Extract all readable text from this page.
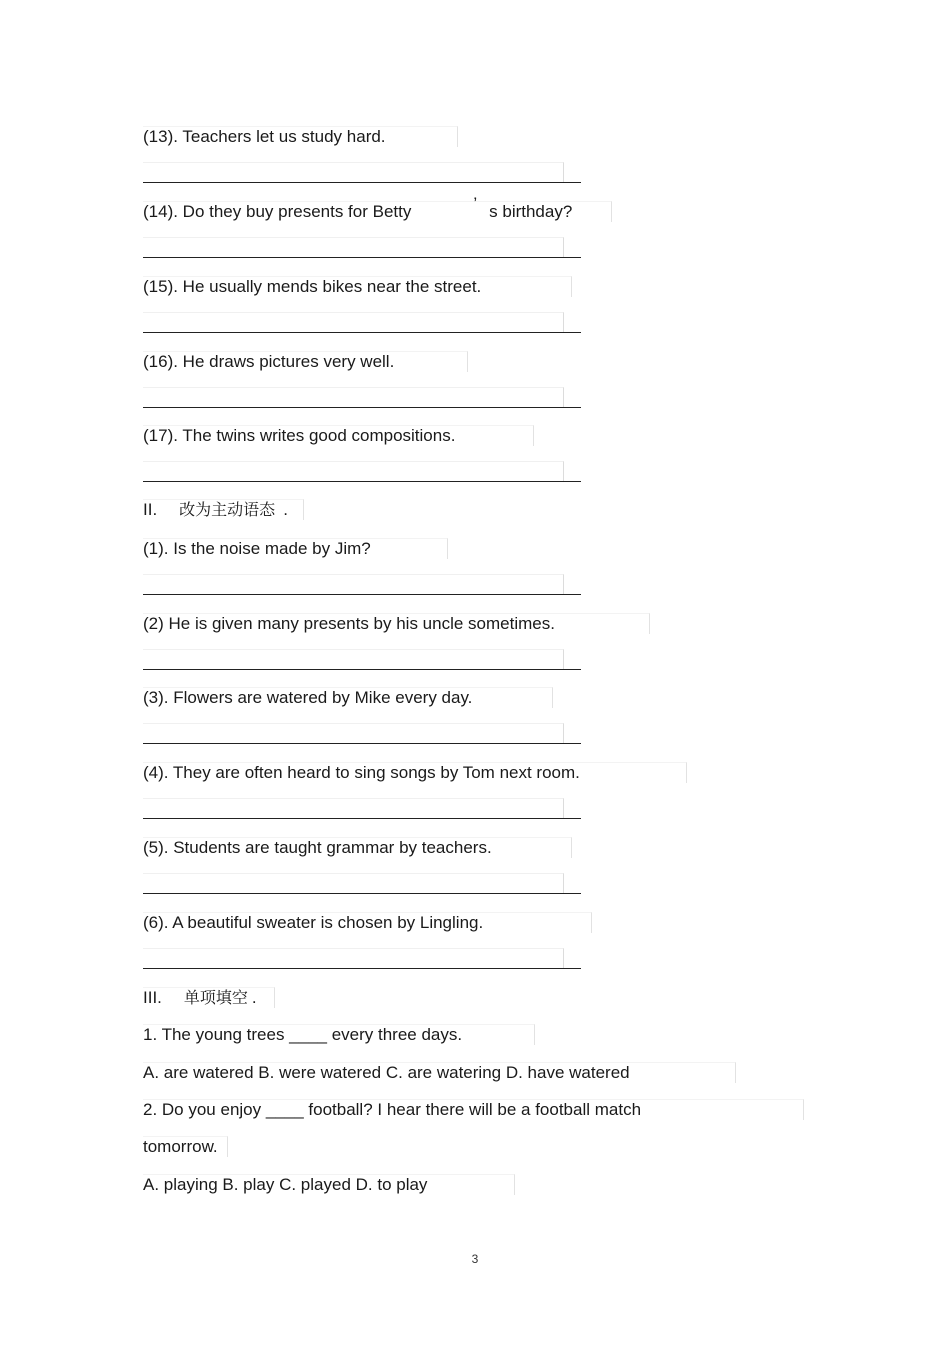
(13). Teachers let us study hard.
(14). Do they buy presents for Betty	’ s birthday?
(15). He usually mends bikes near the street.
(16). He draws pictures very well.
(17). The twins writes good compositions.
II. 改为主动语态 .
(1). Is the noise made by Jim?
(2) He is given many presents by his uncle sometimes.
(3). Flowers are watered by Mike every day.
(4). They are often heard to sing songs by Tom next room.
(5). Students are taught grammar by teachers.
(6). A beautiful sweater is chosen by Lingling.
III. 单项填空 .
1. The young trees ____ every three days.
A. are watered B. were watered C. are watering D. have watered
2. Do you enjoy ____ football? I hear there will be a football match
tomorrow.
A. playing B. play C. played D. to play
3
